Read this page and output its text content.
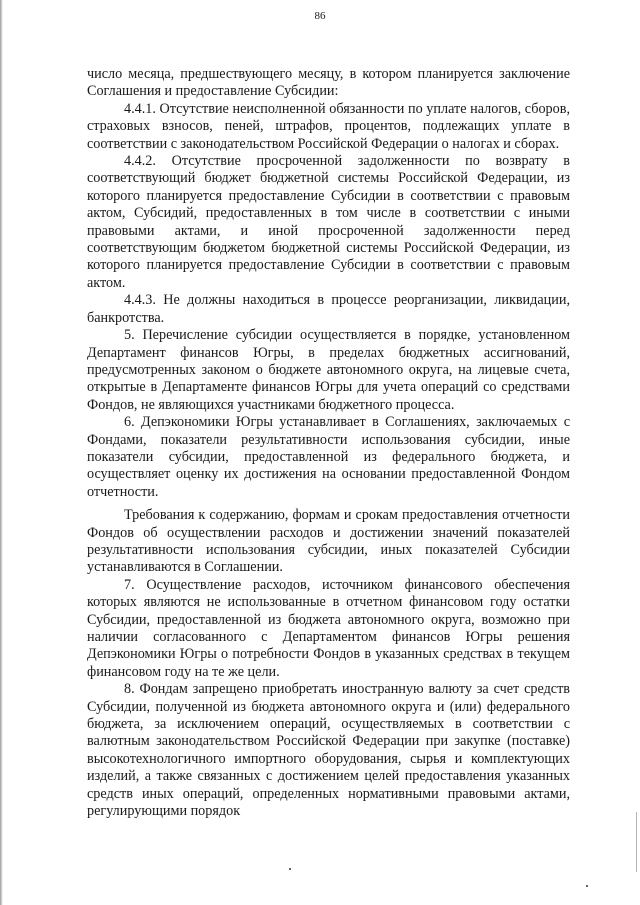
86

число месяца, предшествующего месяцу, в котором планируется заключение Соглашения и предоставление Субсидии:

4.4.1. Отсутствие неисполненной обязанности по уплате налогов, сборов, страховых взносов, пеней, штрафов, процентов, подлежащих уплате в соответствии с законодательством Российской Федерации о налогах и сборах.

4.4.2. Отсутствие просроченной задолженности по возврату в соответствующий бюджет бюджетной системы Российской Федерации, из которого планируется предоставление Субсидии в соответствии с правовым актом, Субсидий, предоставленных в том числе в соответствии с иными правовыми актами, и иной просроченной задолженности перед соответствующим бюджетом бюджетной системы Российской Федерации, из которого планируется предоставление Субсидии в соответствии с правовым актом.

4.4.3. Не должны находиться в процессе реорганизации, ликвидации, банкротства.

5. Перечисление субсидии осуществляется в порядке, установленном Департамент финансов Югры, в пределах бюджетных ассигнований, предусмотренных законом о бюджете автономного округа, на лицевые счета, открытые в Департаменте финансов Югры для учета операций со средствами Фондов, не являющихся участниками бюджетного процесса.

6. Депэкономики Югры устанавливает в Соглашениях, заключаемых с Фондами, показатели результативности использования субсидии, иные показатели субсидии, предоставленной из федерального бюджета, и осуществляет оценку их достижения на основании предоставленной Фондом отчетности.

Требования к содержанию, формам и срокам предоставления отчетности Фондов об осуществлении расходов и достижении значений показателей результативности использования субсидии, иных показателей Субсидии устанавливаются в Соглашении.

7. Осуществление расходов, источником финансового обеспечения которых являются не использованные в отчетном финансовом году остатки Субсидии, предоставленной из бюджета автономного округа, возможно при наличии согласованного с Департаментом финансов Югры решения Депэкономики Югры о потребности Фондов в указанных средствах в текущем финансовом году на те же цели.

8. Фондам запрещено приобретать иностранную валюту за счет средств Субсидии, полученной из бюджета автономного округа и (или) федерального бюджета, за исключением операций, осуществляемых в соответствии с валютным законодательством Российской Федерации при закупке (поставке) высокотехнологичного импортного оборудования, сырья и комплектующих изделий, а также связанных с достижением целей предоставления указанных средств иных операций, определенных нормативными правовыми актами, регулирующими порядок
